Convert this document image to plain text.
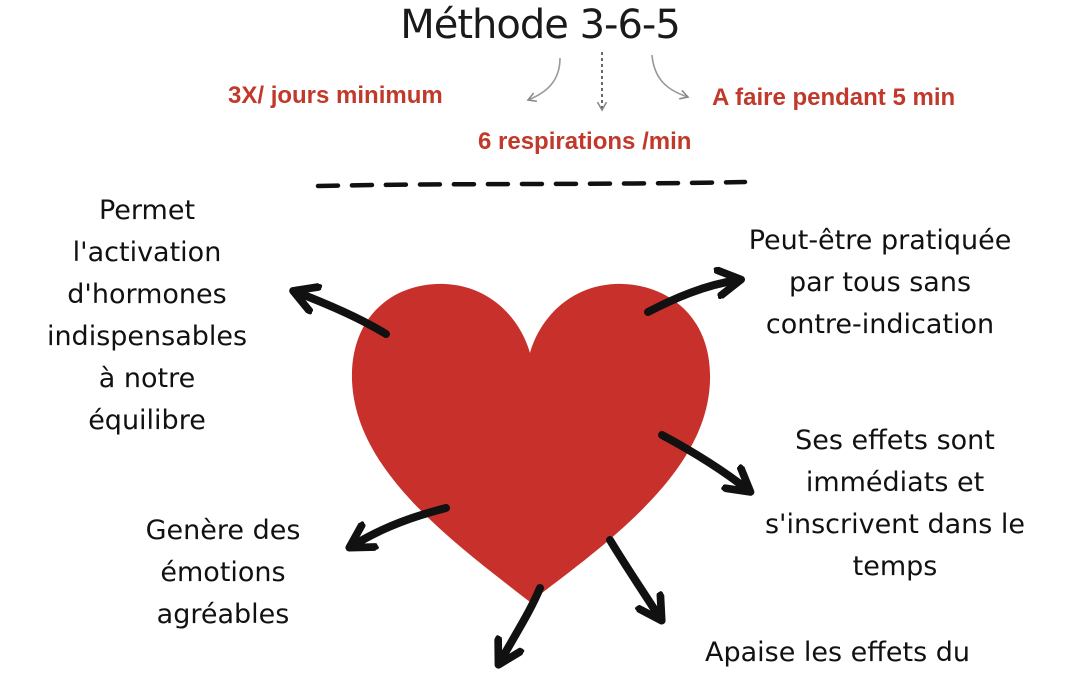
Méthode 3-6-5
3X/ jours minimum
6 respirations /min
A faire pendant 5 min
Permet
l'activation
d'hormones
indispensables
à notre
équilibre
Peut-être pratiquée
par tous sans
contre-indication
Ses effets sont
immédiats et
s'inscrivent dans le
temps
Genère des
émotions
agréables
Apaise les effets du
